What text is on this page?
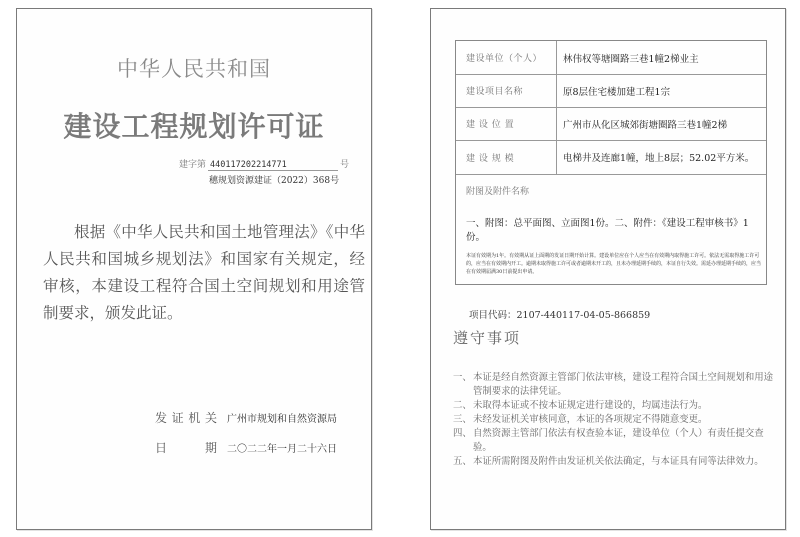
中华人民共和国
建设工程规划许可证
建字第 440117202214771	号
穗规划资源建证（2022）368号
根据《中华人民共和国土地管理法》《中华人民共和国城乡规划法》和国家有关规定，经审核，本建设工程符合国土空间规划和用途管制要求，颁发此证。
发证机关 广州市规划和自然资源局
日 期 二〇二二年一月二十六日
建设单位（个人）	林伟权等塘圈路三巷1幢2梯业主
建设项目名称	原8层住宅楼加建工程1宗
建 设 位 置	广州市从化区城郊街塘圈路三巷1幢2梯
建 设 规 模	电梯井及连廊1幢，地上8层；52.02平方米。
附图及附件名称
一、附图：总平面图、立面图1份。二、附件：《建设工程审核书》1份。
本证有效期为1年。有效期从证上面期的发证日期开始计算。建设单位应在个人应当在有效期内取得施工许可。依法无需取得施工许可的，应当在有效期内开工。逾期未取得施工许可或者逾期未开工的，且未办理延期手续的，本证自行失效。需延办理延期手续的，应当在有效期届满30日前提出申请。
项目代码：2107-440117-04-05-866859
遵守事项
一、 本证是经自然资源主管部门依法审核，建设工程符合国土空间规划和用途管制要求的法律凭证。
二、 未取得本证或不按本证规定进行建设的，均属违法行为。
三、 未经发证机关审核同意，本证的各项规定不得随意变更。
四、 自然资源主管部门依法有权查验本证，建设单位（个人）有责任提交查验。
五、 本证所需附图及附件由发证机关依法确定，与本证具有同等法律效力。
